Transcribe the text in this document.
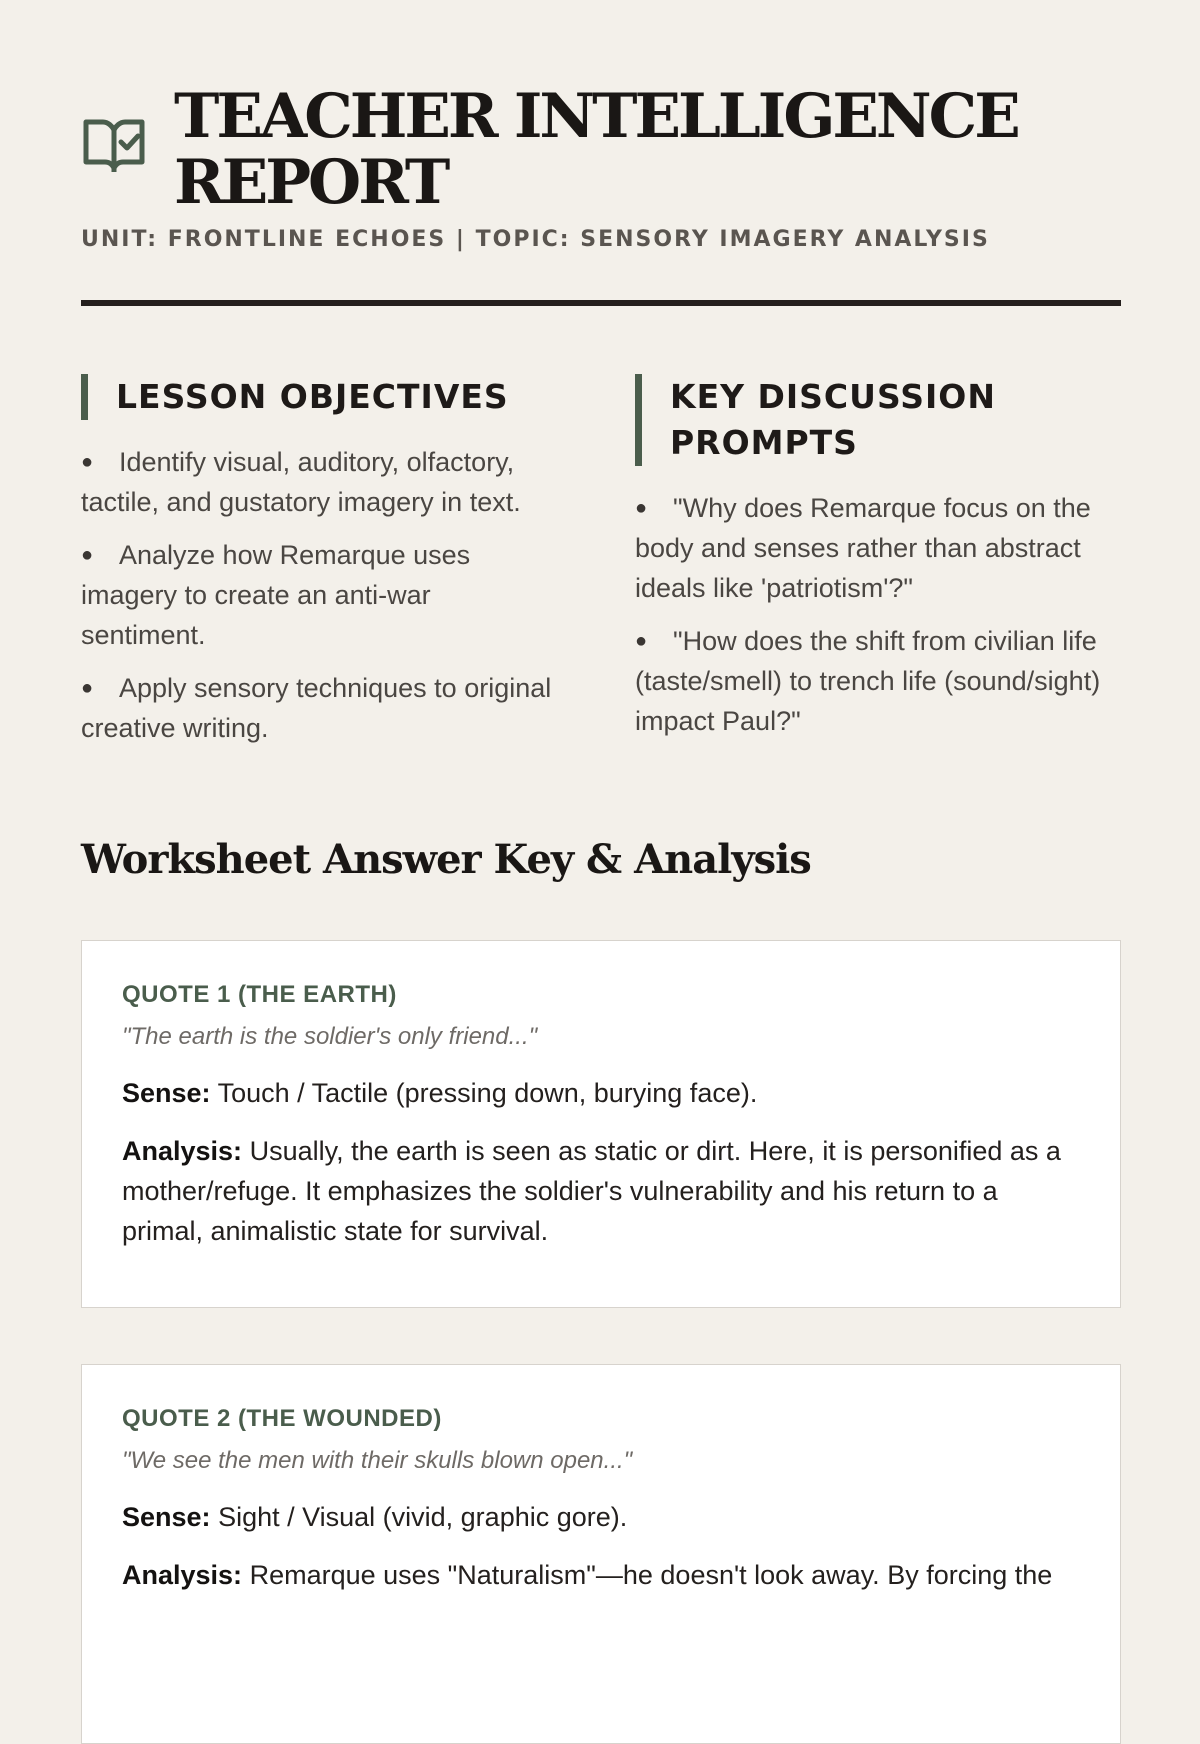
TEACHER INTELLIGENCE REPORT
UNIT: FRONTLINE ECHOES | TOPIC: SENSORY IMAGERY ANALYSIS
LESSON OBJECTIVES
● Identify visual, auditory, olfactory, tactile, and gustatory imagery in text.
● Analyze how Remarque uses imagery to create an anti-war sentiment.
● Apply sensory techniques to original creative writing.
KEY DISCUSSION PROMPTS
● "Why does Remarque focus on the body and senses rather than abstract ideals like 'patriotism'?"
● "How does the shift from civilian life (taste/smell) to trench life (sound/sight) impact Paul?"
Worksheet Answer Key & Analysis
QUOTE 1 (THE EARTH)
"The earth is the soldier's only friend..."

Sense: Touch / Tactile (pressing down, burying face).

Analysis: Usually, the earth is seen as static or dirt. Here, it is personified as a mother/refuge. It emphasizes the soldier's vulnerability and his return to a primal, animalistic state for survival.

QUOTE 2 (THE WOUNDED)
"We see the men with their skulls blown open..."

Sense: Sight / Visual (vivid, graphic gore).

Analysis: Remarque uses "Naturalism"—he doesn't look away. By forcing the
